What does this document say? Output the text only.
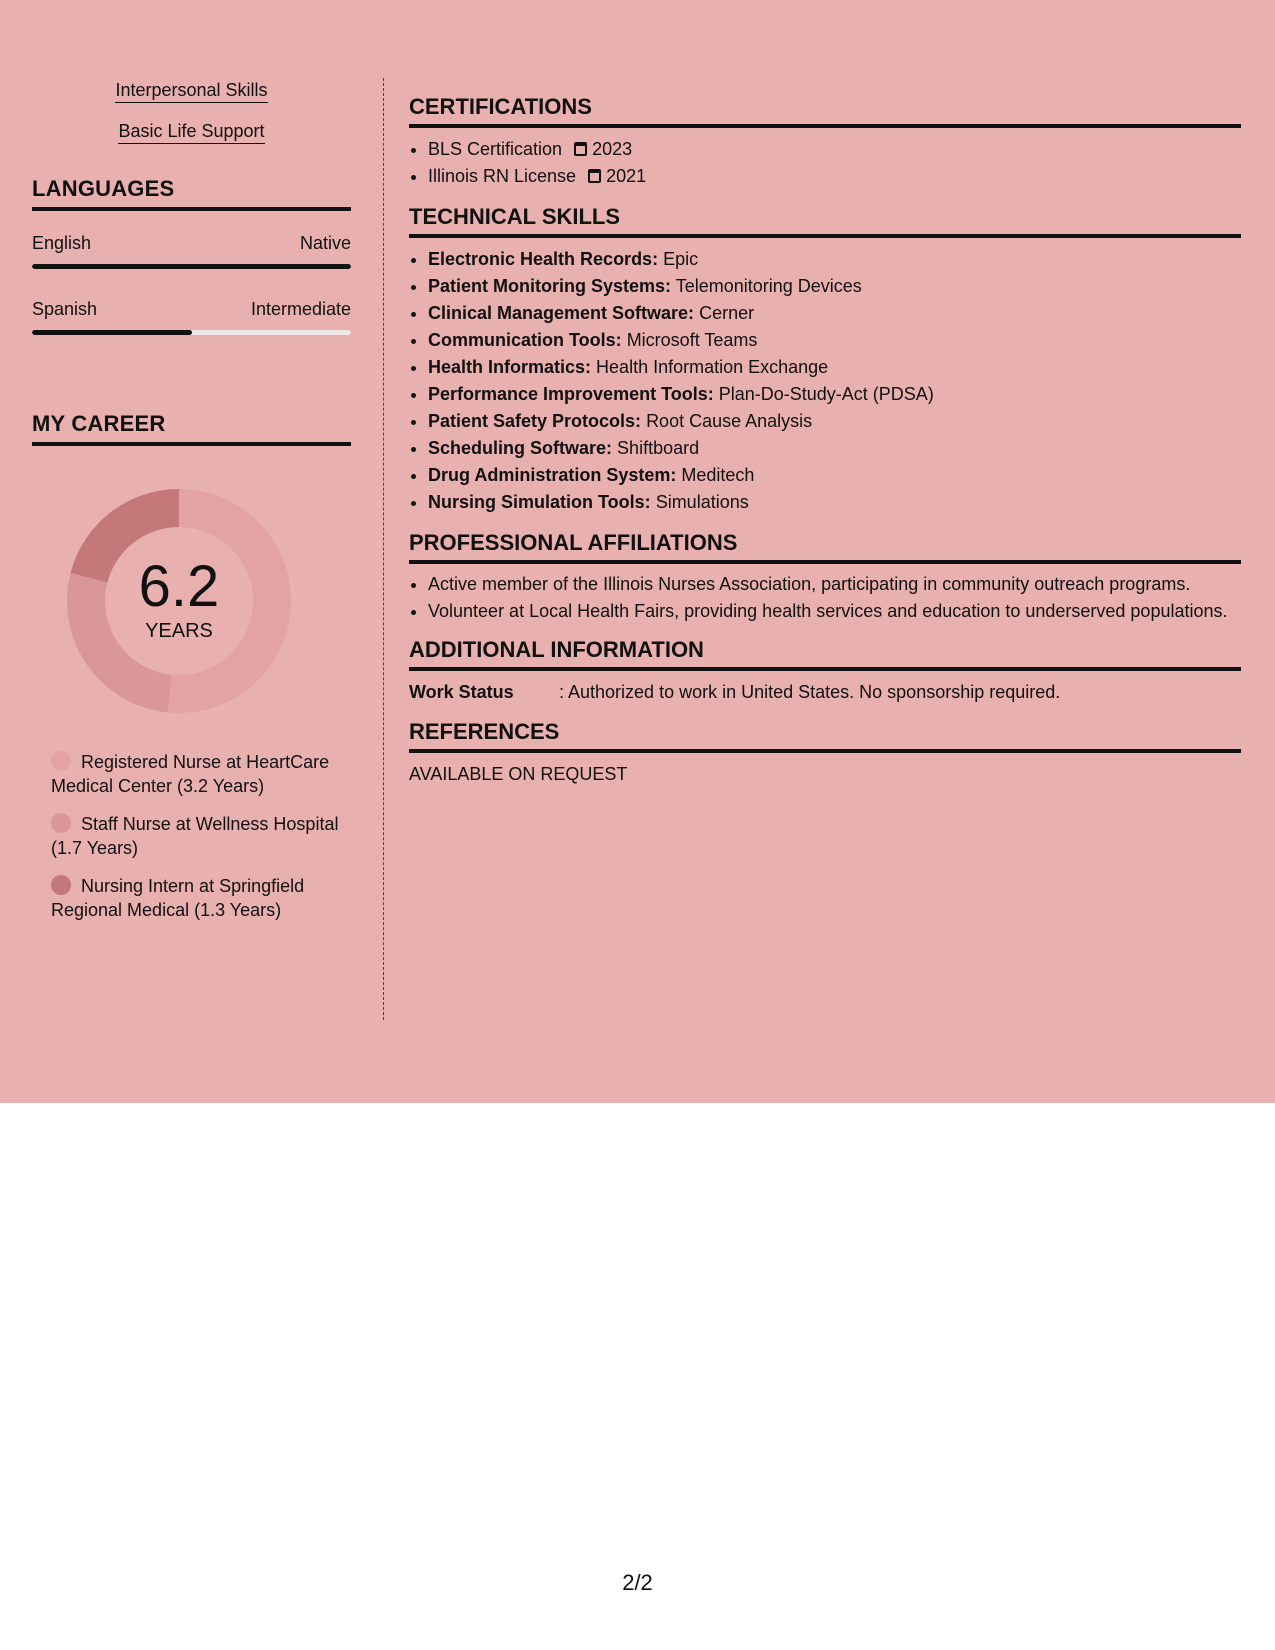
Interpersonal Skills
Basic Life Support
LANGUAGES
English	Native
Spanish	Intermediate
MY CAREER
6.2
YEARS
Registered Nurse at HeartCare Medical Center (3.2 Years)
Staff Nurse at Wellness Hospital (1.7 Years)
Nursing Intern at Springfield Regional Medical (1.3 Years)
CERTIFICATIONS
• BLS Certification 2023
• Illinois RN License 2021
TECHNICAL SKILLS
• Electronic Health Records: Epic
• Patient Monitoring Systems: Telemonitoring Devices
• Clinical Management Software: Cerner
• Communication Tools: Microsoft Teams
• Health Informatics: Health Information Exchange
• Performance Improvement Tools: Plan-Do-Study-Act (PDSA)
• Patient Safety Protocols: Root Cause Analysis
• Scheduling Software: Shiftboard
• Drug Administration System: Meditech
• Nursing Simulation Tools: Simulations
PROFESSIONAL AFFILIATIONS
• Active member of the Illinois Nurses Association, participating in community outreach programs.
• Volunteer at Local Health Fairs, providing health services and education to underserved populations.
ADDITIONAL INFORMATION
Work Status	: Authorized to work in United States. No sponsorship required.
REFERENCES
AVAILABLE ON REQUEST
2/2
